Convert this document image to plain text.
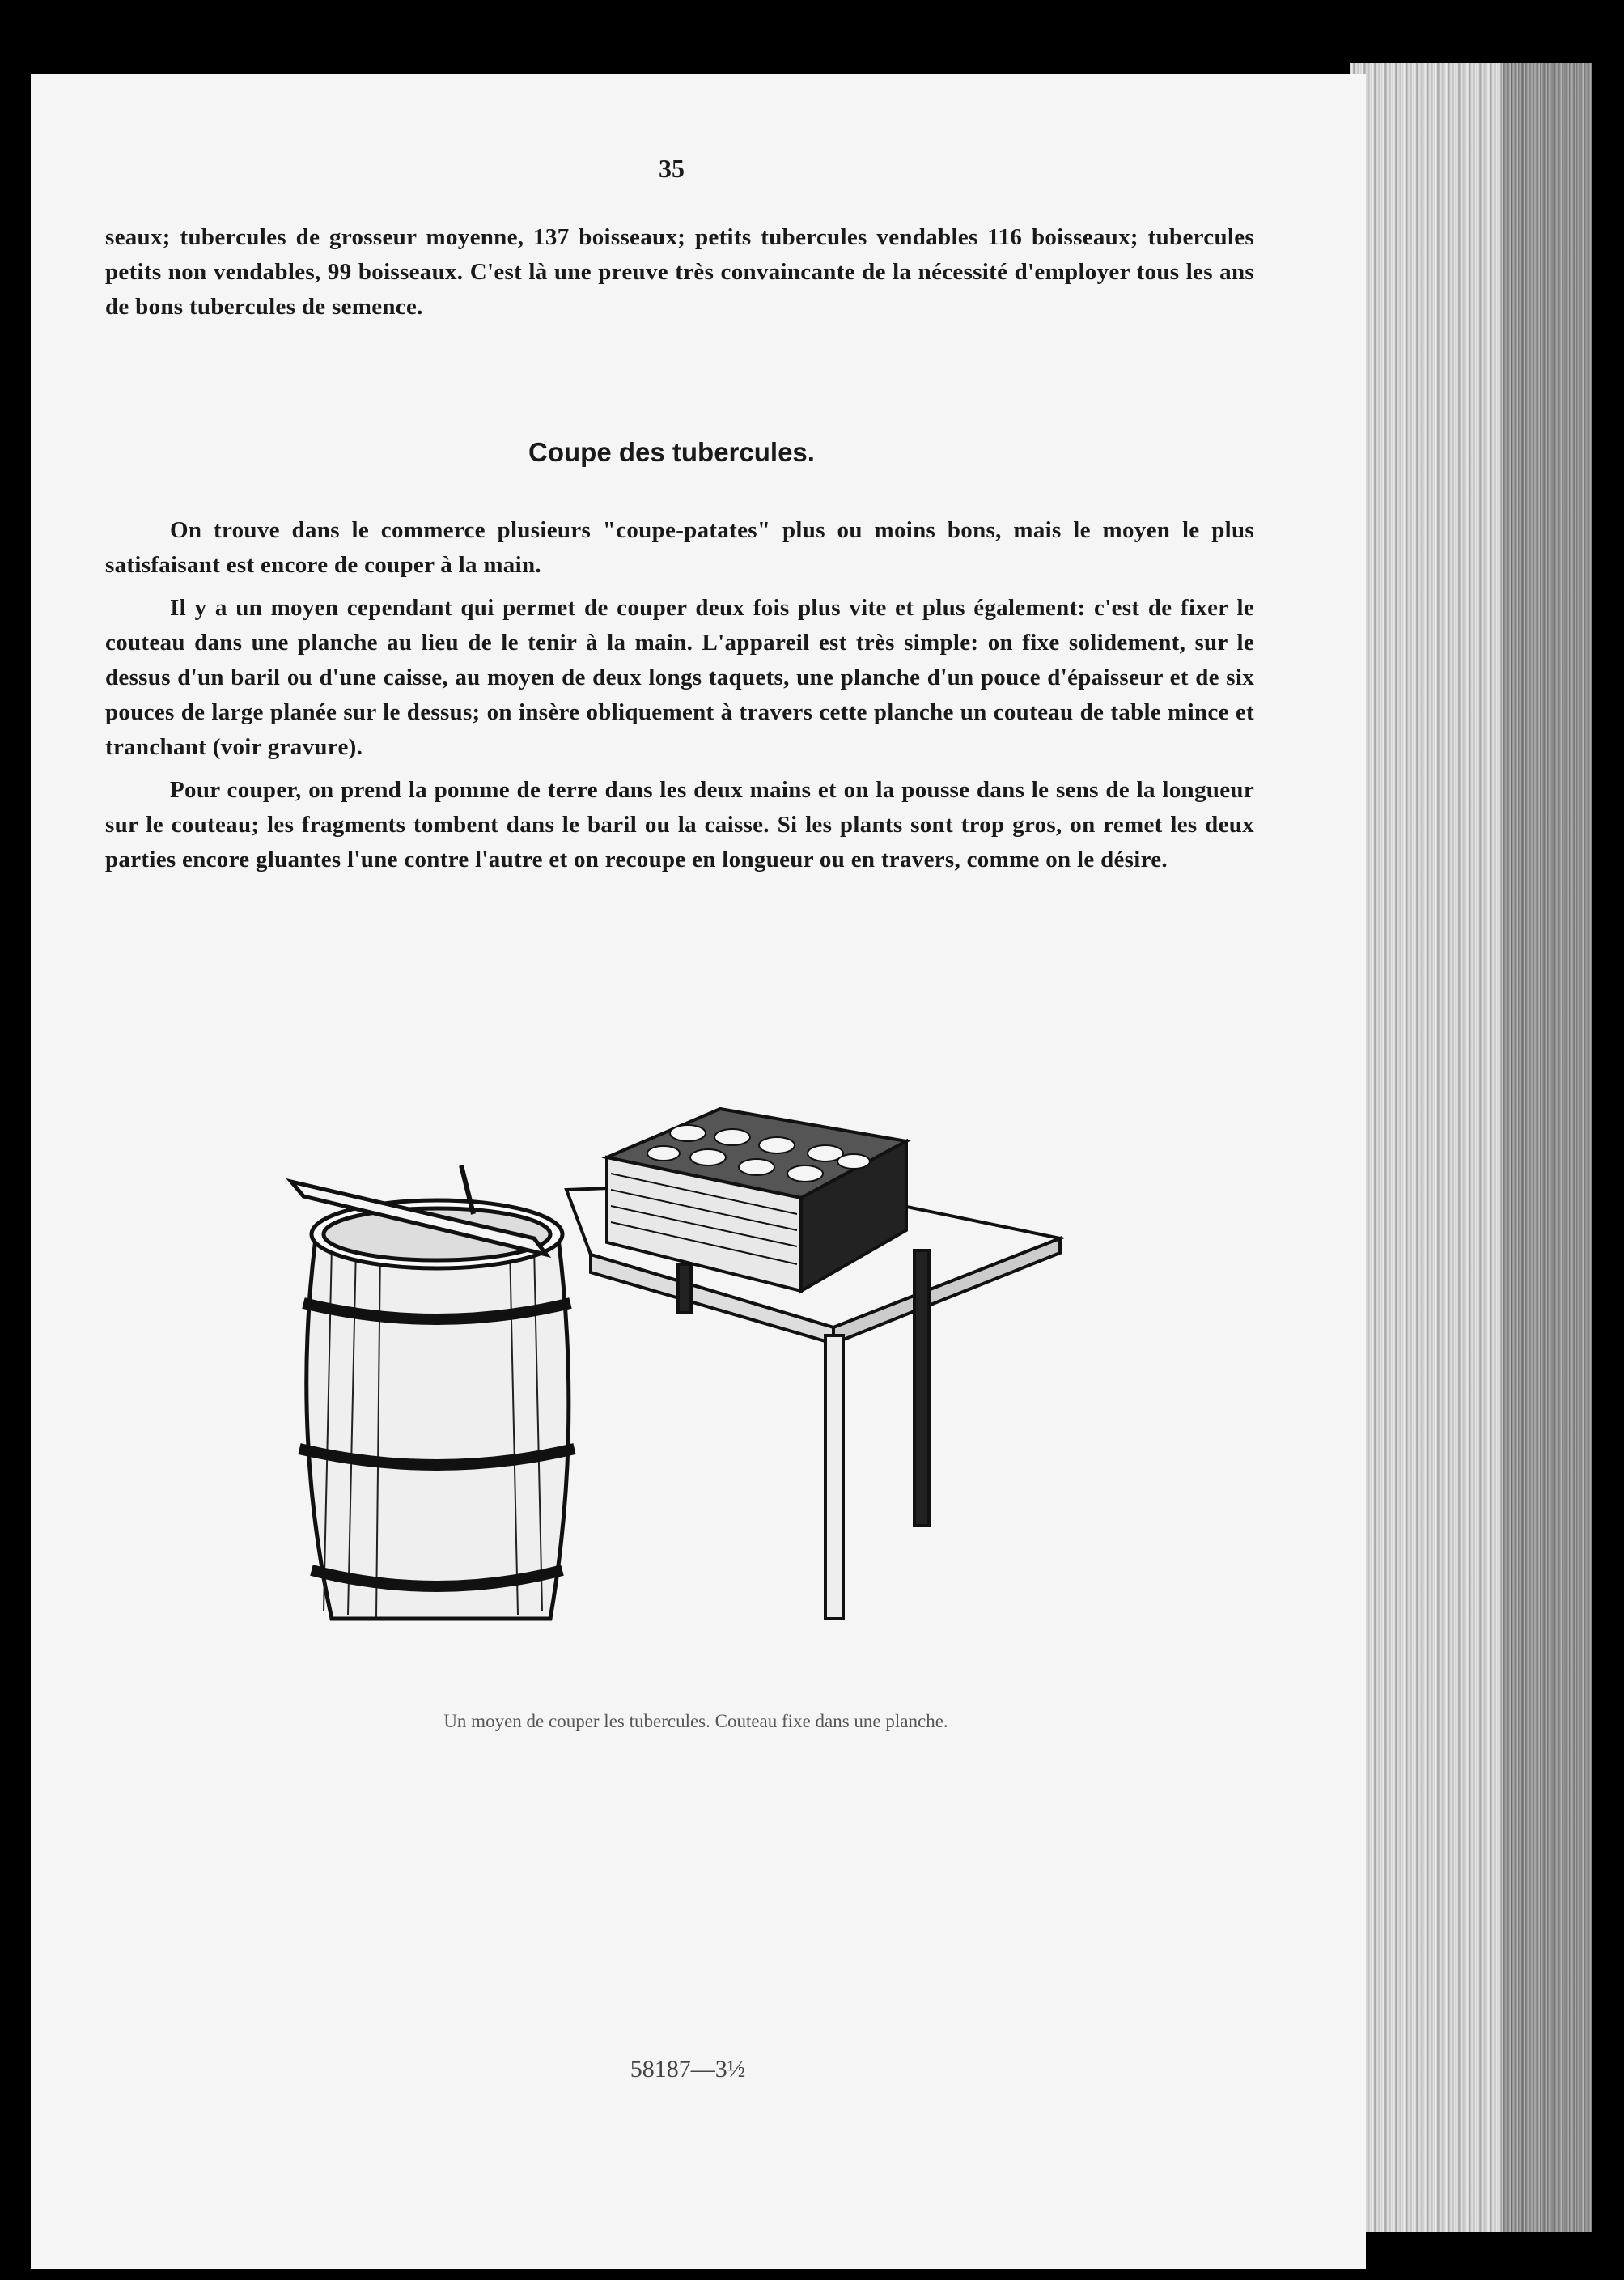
35
seaux; tubercules de grosseur moyenne, 137 boisseaux; petits tubercules vendables 116 boisseaux; tubercules petits non vendables, 99 boisseaux. C'est là une preuve très convaincante de la nécessité d'employer tous les ans de bons tubercules de semence.
Coupe des tubercules.

On trouve dans le commerce plusieurs "coupe-patates" plus ou moins bons, mais le moyen le plus satisfaisant est encore de couper à la main.

Il y a un moyen cependant qui permet de couper deux fois plus vite et plus également: c'est de fixer le couteau dans une planche au lieu de le tenir à la main. L'appareil est très simple: on fixe solidement, sur le dessus d'un baril ou d'une caisse, au moyen de deux longs taquets, une planche d'un pouce d'épaisseur et de six pouces de large planée sur le dessus; on insère obliquement à travers cette planche un couteau de table mince et tranchant (voir gravure).

Pour couper, on prend la pomme de terre dans les deux mains et on la pousse dans le sens de la longueur sur le couteau; les fragments tombent dans le baril ou la caisse. Si les plants sont trop gros, on remet les deux parties encore gluantes l'une contre l'autre et on recoupe en longueur ou en travers, comme on le désire.

Un moyen de couper les tubercules. Couteau fixe dans une planche.
58187—3½
